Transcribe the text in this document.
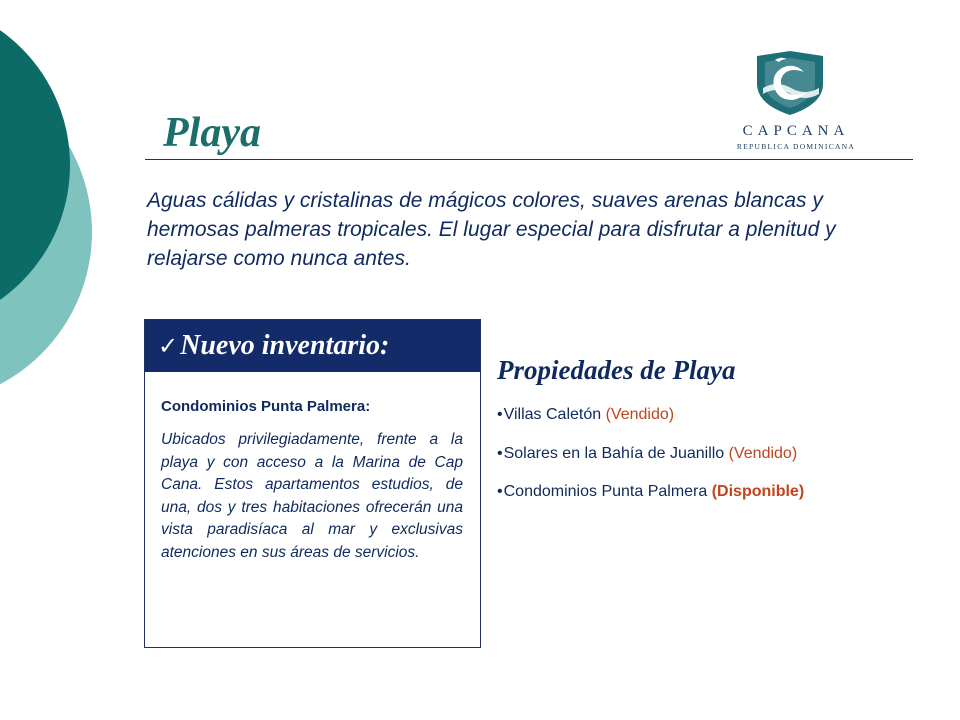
Playa	CAPCANA
REPUBLICA DOMINICANA

Aguas cálidas y cristalinas de mágicos colores, suaves arenas blancas y hermosas palmeras tropicales. El lugar especial para disfrutar a plenitud y relajarse como nunca antes.

✓ Nuevo inventario:
Condominios Punta Palmera:

Ubicados privilegiadamente, frente a la playa y con acceso a la Marina de Cap Cana. Estos apartamentos estudios, de una, dos y tres habitaciones ofrecerán una vista paradisíaca al mar y exclusivas atenciones en sus áreas de servicios.

Propiedades de Playa
•Villas Caletón (Vendido)
•Solares en la Bahía de Juanillo (Vendido)
•Condominios Punta Palmera (Disponible)
